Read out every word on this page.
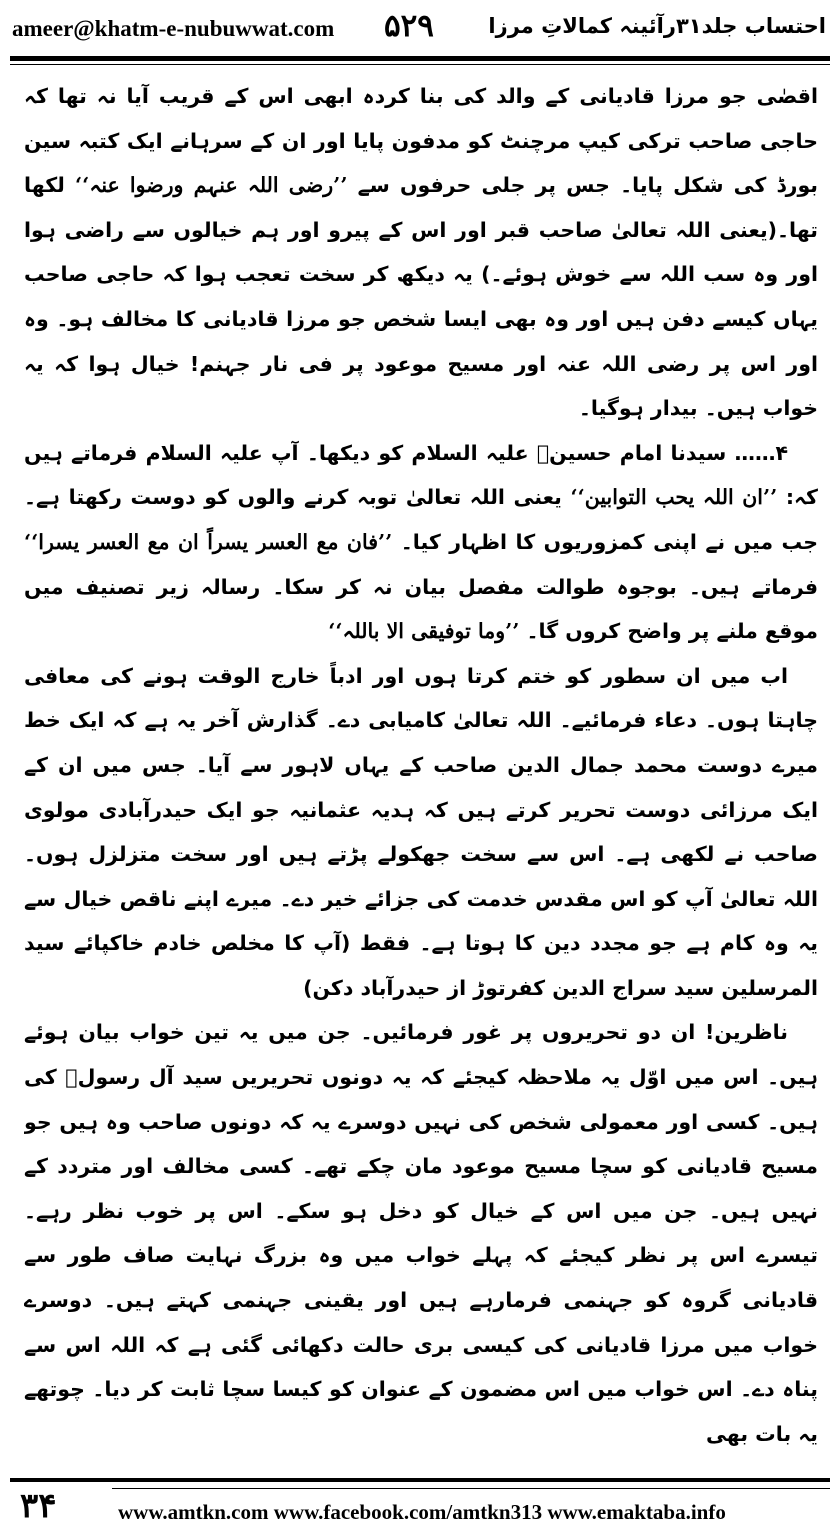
ameer@khatm-e-nubuwwat.com ۵۲۹	احتساب جلد۳۱رآئینہ کمالاتِ مرزا

اقصٰی جو مرزا قادیانی کے والد کی بنا کردہ ابھی اس کے قریب آیا نہ تھا کہ حاجی صاحب ترکی کیپ مرچنٹ کو مدفون پایا اور ان کے سرہانے ایک کتبہ سین بورڈ کی شکل پایا۔ جس پر جلی حرفوں سے ’’رضی اللہ عنہم ورضوا عنہ‘‘ لکھا تھا۔(یعنی اللہ تعالیٰ صاحب قبر اور اس کے پیرو اور ہم خیالوں سے راضی ہوا اور وہ سب اللہ سے خوش ہوئے۔) یہ دیکھ کر سخت تعجب ہوا کہ حاجی صاحب یہاں کیسے دفن ہیں اور وہ بھی ایسا شخص جو مرزا قادیانی کا مخالف ہو۔ وہ اور اس پر رضی اللہ عنہ اور مسیح موعود پر فی نار جہنم! خیال ہوا کہ یہ خواب ہیں۔ بیدار ہوگیا۔

۴…… سیدنا امام حسینؓ علیہ السلام کو دیکھا۔ آپ علیہ السلام فرماتے ہیں کہ: ’’ان اللہ یحب التوابین‘‘ یعنی اللہ تعالیٰ توبہ کرنے والوں کو دوست رکھتا ہے۔ جب میں نے اپنی کمزوریوں کا اظہار کیا۔ ’’فان مع العسر یسراً ان مع العسر یسرا‘‘ فرماتے ہیں۔ بوجوہ طوالت مفصل بیان نہ کر سکا۔ رسالہ زیر تصنیف میں موقع ملنے پر واضح کروں گا۔ ’’وما توفیقی الا باللہ‘‘

اب میں ان سطور کو ختم کرتا ہوں اور ادباً خارج الوقت ہونے کی معافی چاہتا ہوں۔ دعاء فرمائیے۔ اللہ تعالیٰ کامیابی دے۔ گذارش آخر یہ ہے کہ ایک خط میرے دوست محمد جمال الدین صاحب کے یہاں لاہور سے آیا۔ جس میں ان کے ایک مرزائی دوست تحریر کرتے ہیں کہ ہدیہ عثمانیہ جو ایک حیدرآبادی مولوی صاحب نے لکھی ہے۔ اس سے سخت جھکولے پڑتے ہیں اور سخت متزلزل ہوں۔ اللہ تعالیٰ آپ کو اس مقدس خدمت کی جزائے خیر دے۔ میرے اپنے ناقص خیال سے یہ وہ کام ہے جو مجدد دین کا ہوتا ہے۔ فقط (آپ کا مخلص خادم خاکپائے سید المرسلین سید سراج الدین کفرتوڑ از حیدرآباد دکن)

ناظرین! ان دو تحریروں پر غور فرمائیں۔ جن میں یہ تین خواب بیان ہوئے ہیں۔ اس میں اوّل یہ ملاحظہ کیجئے کہ یہ دونوں تحریریں سید آل رسولؐ کی ہیں۔ کسی اور معمولی شخص کی نہیں دوسرے یہ کہ دونوں صاحب وہ ہیں جو مسیح قادیانی کو سچا مسیح موعود مان چکے تھے۔ کسی مخالف اور متردد کے نہیں ہیں۔ جن میں اس کے خیال کو دخل ہو سکے۔ اس پر خوب نظر رہے۔ تیسرے اس پر نظر کیجئے کہ پہلے خواب میں وہ بزرگ نہایت صاف طور سے قادیانی گروہ کو جہنمی فرمارہے ہیں اور یقینی جہنمی کہتے ہیں۔ دوسرے خواب میں مرزا قادیانی کی کیسی بری حالت دکھائی گئی ہے کہ اللہ اس سے پناہ دے۔ اس خواب میں اس مضمون کے عنوان کو کیسا سچا ثابت کر دیا۔ چوتھے یہ بات بھی

۳۴	www.amtkn.com www.facebook.com/amtkn313 www.emaktaba.info
